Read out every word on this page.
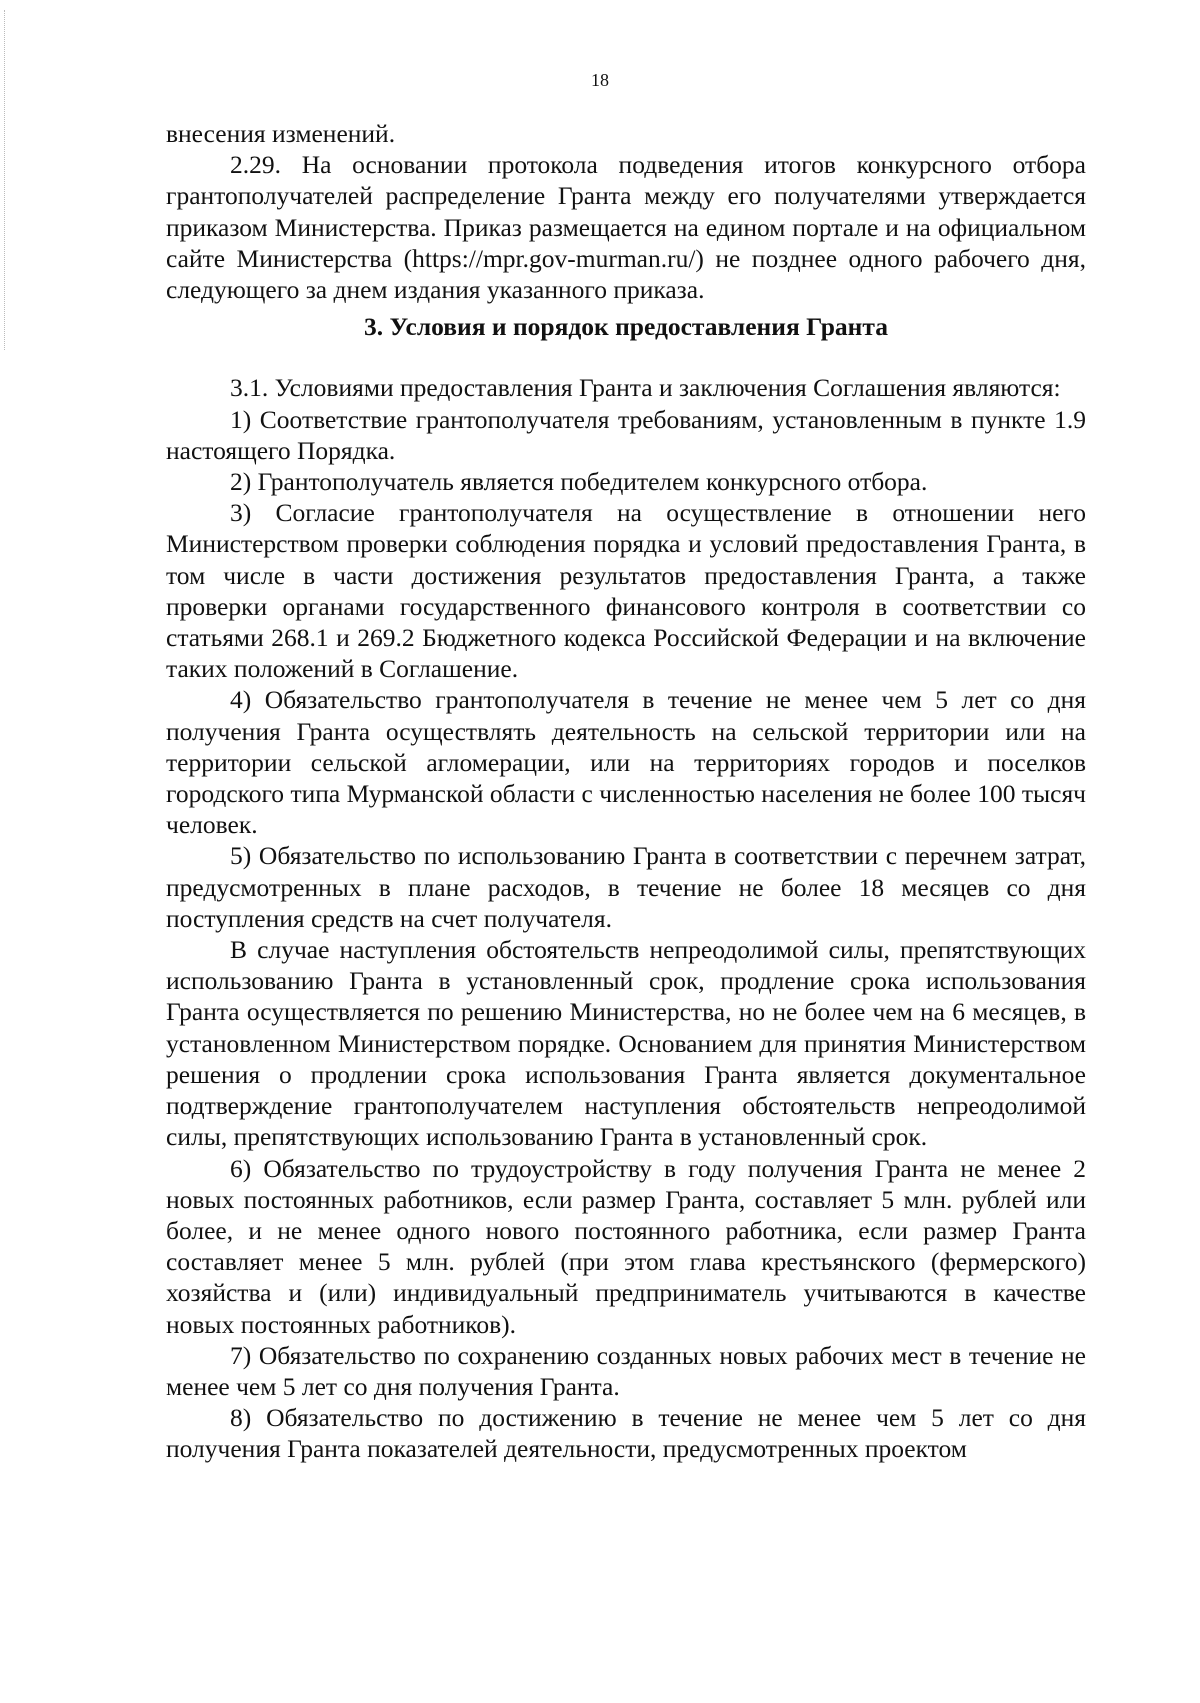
18

внесения изменений.

2.29. На основании протокола подведения итогов конкурсного отбора грантополучателей распределение Гранта между его получателями утверждается приказом Министерства. Приказ размещается на едином портале и на официальном сайте Министерства (https://mpr.gov-murman.ru/) не позднее одного рабочего дня, следующего за днем издания указанного приказа.

3. Условия и порядок предоставления Гранта

3.1. Условиями предоставления Гранта и заключения Соглашения являются:

1) Соответствие грантополучателя требованиям, установленным в пункте 1.9 настоящего Порядка.

2) Грантополучатель является победителем конкурсного отбора.

3) Согласие грантополучателя на осуществление в отношении него Министерством проверки соблюдения порядка и условий предоставления Гранта, в том числе в части достижения результатов предоставления Гранта, а также проверки органами государственного финансового контроля в соответствии со статьями 268.1 и 269.2 Бюджетного кодекса Российской Федерации и на включение таких положений в Соглашение.

4) Обязательство грантополучателя в течение не менее чем 5 лет со дня получения Гранта осуществлять деятельность на сельской территории или на территории сельской агломерации, или на территориях городов и поселков городского типа Мурманской области с численностью населения не более 100 тысяч человек.

5) Обязательство по использованию Гранта в соответствии с перечнем затрат, предусмотренных в плане расходов, в течение не более 18 месяцев со дня поступления средств на счет получателя.

В случае наступления обстоятельств непреодолимой силы, препятствующих использованию Гранта в установленный срок, продление срока использования Гранта осуществляется по решению Министерства, но не более чем на 6 месяцев, в установленном Министерством порядке. Основанием для принятия Министерством решения о продлении срока использования Гранта является документальное подтверждение грантополучателем наступления обстоятельств непреодолимой силы, препятствующих использованию Гранта в установленный срок.

6) Обязательство по трудоустройству в году получения Гранта не менее 2 новых постоянных работников, если размер Гранта, составляет 5 млн. рублей или более, и не менее одного нового постоянного работника, если размер Гранта составляет менее 5 млн. рублей (при этом глава крестьянского (фермерского) хозяйства и (или) индивидуальный предприниматель учитываются в качестве новых постоянных работников).

7) Обязательство по сохранению созданных новых рабочих мест в течение не менее чем 5 лет со дня получения Гранта.

8) Обязательство по достижению в течение не менее чем 5 лет со дня получения Гранта показателей деятельности, предусмотренных проектом
